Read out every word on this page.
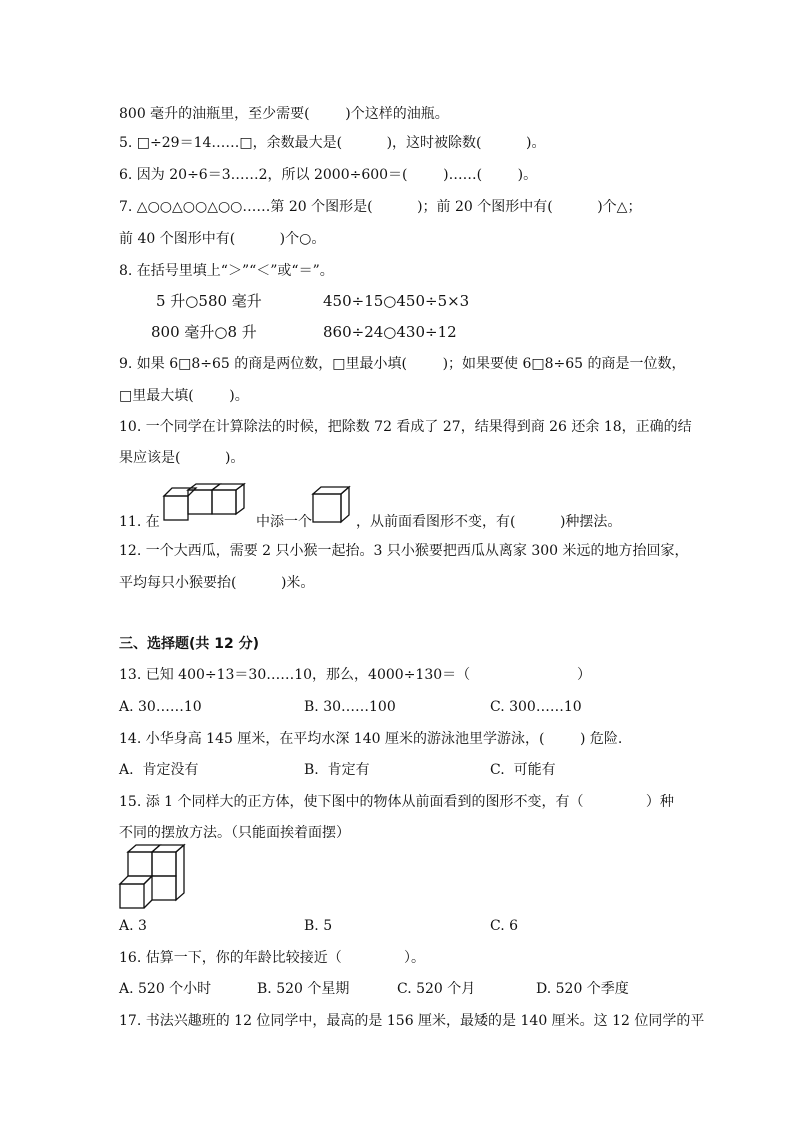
800 毫升的油瓶里，至少需要(        )个这样的油瓶。
5. □÷29＝14……□，余数最大是(          )，这时被除数(          )。
6. 因为 20÷6＝3……2，所以 2000÷600＝(        )……(        )。
7. △○○△○○△○○……第 20 个图形是(          )；前 20 个图形中有(          )个△；
前 40 个图形中有(          )个○。
8. 在括号里填上“＞”“＜”或“＝”。
5 升○580 毫升	450÷15○450÷5×3
800 毫升○8 升	860÷24○430÷12
9. 如果 6□8÷65 的商是两位数，□里最小填(        )；如果要使 6□8÷65 的商是一位数，
□里最大填(        )。
10. 一个同学在计算除法的时候，把除数 72 看成了 27，结果得到商 26 还余 18，正确的结
果应该是(          )。
11. 在	中添一个	，从前面看图形不变，有(          )种摆法。
12. 一个大西瓜，需要 2 只小猴一起抬。3 只小猴要把西瓜从离家 300 米远的地方抬回家，
平均每只小猴要抬(          )米。
三、选择题(共 12 分)
13. 已知 400÷13＝30……10，那么，4000÷130＝（                        ）
A. 30……10	B. 30……100	C. 300……10
14. 小华身高 145 厘米，在平均水深 140 厘米的游泳池里学游泳，(        ) 危险.
A.  肯定没有	B.  肯定有	C.  可能有
15. 添 1 个同样大的正方体，使下图中的物体从前面看到的图形不变，有（              ）种
不同的摆放方法。（只能面挨着面摆）
A. 3	B. 5	C. 6
16. 估算一下，你的年龄比较接近（              ）。
A. 520 个小时	B. 520 个星期	C. 520 个月	D. 520 个季度
17. 书法兴趣班的 12 位同学中，最高的是 156 厘米，最矮的是 140 厘米。这 12 位同学的平
